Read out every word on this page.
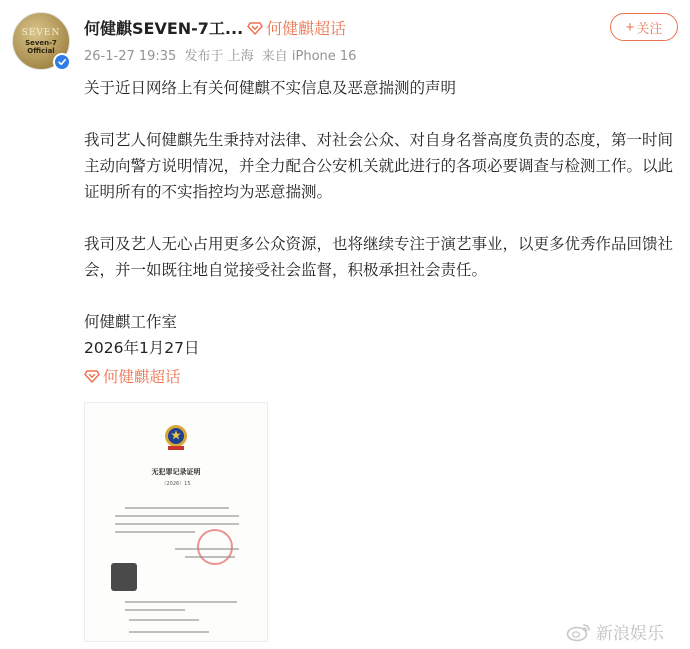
SEVEN
Seven-7 Official
何健麒SEVEN-7工... 何健麒超话
26-1-27 19:35 发布于 上海 来自 iPhone 16
+ 关注

关于近日网络上有关何健麒不实信息及恶意揣测的声明

我司艺人何健麒先生秉持对法律、对社会公众、对自身名誉高度负责的态度，第一时间主动向警方说明情况，并全力配合公安机关就此进行的各项必要调查与检测工作。以此证明所有的不实指控均为恶意揣测。

我司及艺人无心占用更多公众资源，也将继续专注于演艺事业，以更多优秀作品回馈社会，并一如既往地自觉接受社会监督，积极承担社会责任。

何健麒工作室

2026年1月27日

何健麒超话
无犯罪记录证明
（2026）15
新浪娱乐
